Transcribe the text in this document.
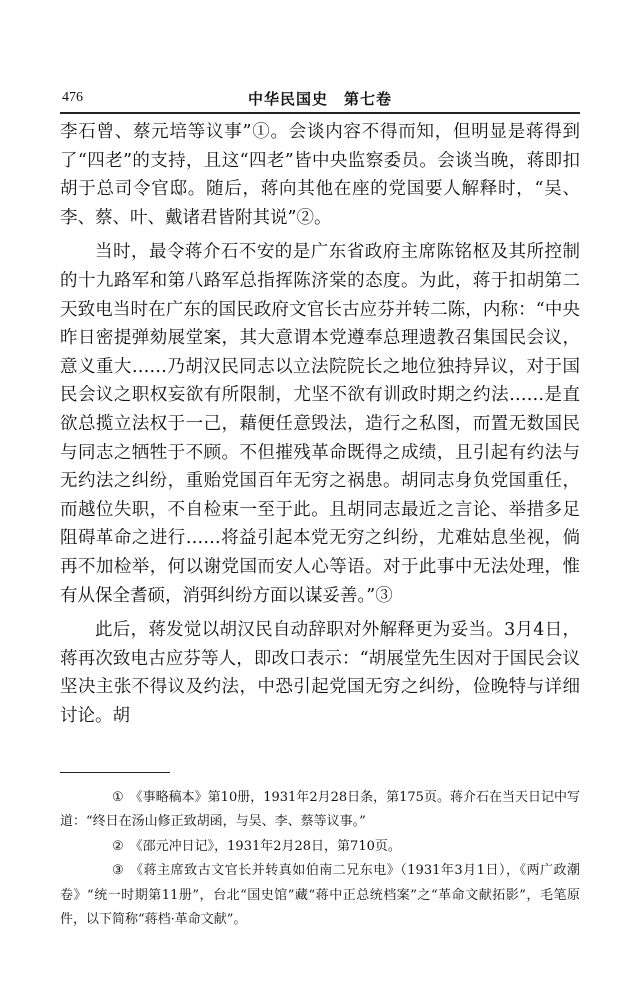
476	中华民国史　第七卷

李石曾、蔡元培等议事”①。会谈内容不得而知，但明显是蒋得到了“四老”的支持，且这“四老”皆中央监察委员。会谈当晚，蒋即扣胡于总司令官邸。随后，蒋向其他在座的党国要人解释时，“吴、李、蔡、叶、戴诸君皆附其说”②。

当时，最令蒋介石不安的是广东省政府主席陈铭枢及其所控制的十九路军和第八路军总指挥陈济棠的态度。为此，蒋于扣胡第二天致电当时在广东的国民政府文官长古应芬并转二陈，内称：“中央昨日密提弹劾展堂案，其大意谓本党遵奉总理遗教召集国民会议，意义重大……乃胡汉民同志以立法院院长之地位独持异议，对于国民会议之职权妄欲有所限制，尤坚不欲有训政时期之约法……是直欲总揽立法权于一己，藉便任意毁法，造行之私图，而置无数国民与同志之牺牲于不顾。不但摧残革命既得之成绩，且引起有约法与无约法之纠纷，重贻党国百年无穷之祸患。胡同志身负党国重任，而越位失职，不自检束一至于此。且胡同志最近之言论、举措多足阻碍革命之进行……将益引起本党无穷之纠纷，尤难姑息坐视，倘再不加检举，何以谢党国而安人心等语。对于此事中无法处理，惟有从保全耆硕，消弭纠纷方面以谋妥善。”③

此后，蒋发觉以胡汉民自动辞职对外解释更为妥当。3月4日，蒋再次致电古应芬等人，即改口表示：“胡展堂先生因对于国民会议坚决主张不得议及约法，中恐引起党国无穷之纠纷，俭晚特与详细讨论。胡

① 《事略稿本》第10册，1931年2月28日条，第175页。蒋介石在当天日记中写道：“终日在汤山修正致胡函，与吴、李、蔡等议事。”

② 《邵元冲日记》，1931年2月28日，第710页。

③ 《蒋主席致古文官长并转真如伯南二兄东电》（1931年3月1日），《两广政潮卷》“统一时期第11册”，台北“国史馆”藏“蒋中正总统档案”之“革命文献拓影”，毛笔原件，以下简称“蒋档·革命文献”。
